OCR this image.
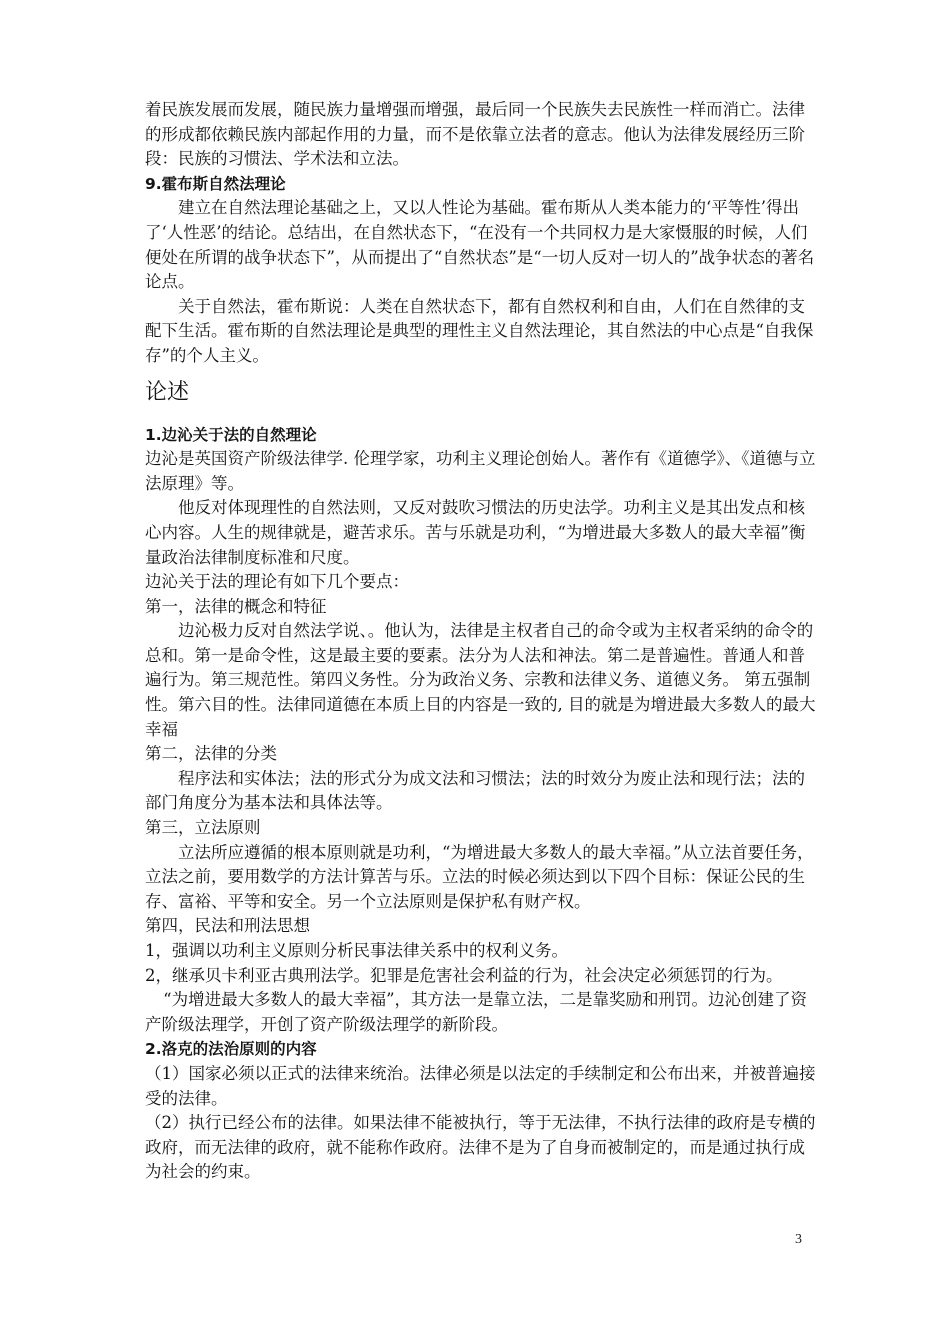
着民族发展而发展，随民族力量增强而增强，最后同一个民族失去民族性一样而消亡。法律的形成都依赖民族内部起作用的力量，而不是依靠立法者的意志。他认为法律发展经历三阶段：民族的习惯法、学术法和立法。

9.霍布斯自然法理论

建立在自然法理论基础之上，又以人性论为基础。霍布斯从人类本能力的‘平等性’得出了‘人性恶’的结论。总结出，在自然状态下，“在没有一个共同权力是大家慑服的时候，人们便处在所谓的战争状态下”，从而提出了“自然状态”是“一切人反对一切人的”战争状态的著名论点。

关于自然法，霍布斯说：人类在自然状态下，都有自然权利和自由，人们在自然律的支配下生活。霍布斯的自然法理论是典型的理性主义自然法理论，其自然法的中心点是“自我保存”的个人主义。

论述

1.边沁关于法的自然理论

边沁是英国资产阶级法律学. 伦理学家，功利主义理论创始人。著作有《道德学》、《道德与立法原理》等。

他反对体现理性的自然法则，又反对鼓吹习惯法的历史法学。功利主义是其出发点和核心内容。人生的规律就是，避苦求乐。苦与乐就是功利，“为增进最大多数人的最大幸福”衡量政治法律制度标准和尺度。

边沁关于法的理论有如下几个要点：

第一，法律的概念和特征

边沁极力反对自然法学说、。他认为，法律是主权者自己的命令或为主权者采纳的命令的总和。第一是命令性，这是最主要的要素。法分为人法和神法。第二是普遍性。普通人和普遍行为。第三规范性。第四义务性。分为政治义务、宗教和法律义务、道德义务。 第五强制性。第六目的性。法律同道德在本质上目的内容是一致的, 目的就是为增进最大多数人的最大幸福

第二，法律的分类

程序法和实体法；法的形式分为成文法和习惯法；法的时效分为废止法和现行法；法的部门角度分为基本法和具体法等。

第三，立法原则

立法所应遵循的根本原则就是功利，“为增进最大多数人的最大幸福。”从立法首要任务，立法之前，要用数学的方法计算苦与乐。立法的时候必须达到以下四个目标：保证公民的生存、富裕、平等和安全。另一个立法原则是保护私有财产权。

第四，民法和刑法思想

1，强调以功利主义原则分析民事法律关系中的权利义务。

2，继承贝卡利亚古典刑法学。犯罪是危害社会利益的行为，社会决定必须惩罚的行为。

“为增进最大多数人的最大幸福”，其方法一是靠立法，二是靠奖励和刑罚。边沁创建了资产阶级法理学，开创了资产阶级法理学的新阶段。

2.洛克的法治原则的内容

（1）国家必须以正式的法律来统治。法律必须是以法定的手续制定和公布出来，并被普遍接受的法律。

（2）执行已经公布的法律。如果法律不能被执行，等于无法律，不执行法律的政府是专横的政府，而无法律的政府，就不能称作政府。法律不是为了自身而被制定的，而是通过执行成为社会的约束。

3
